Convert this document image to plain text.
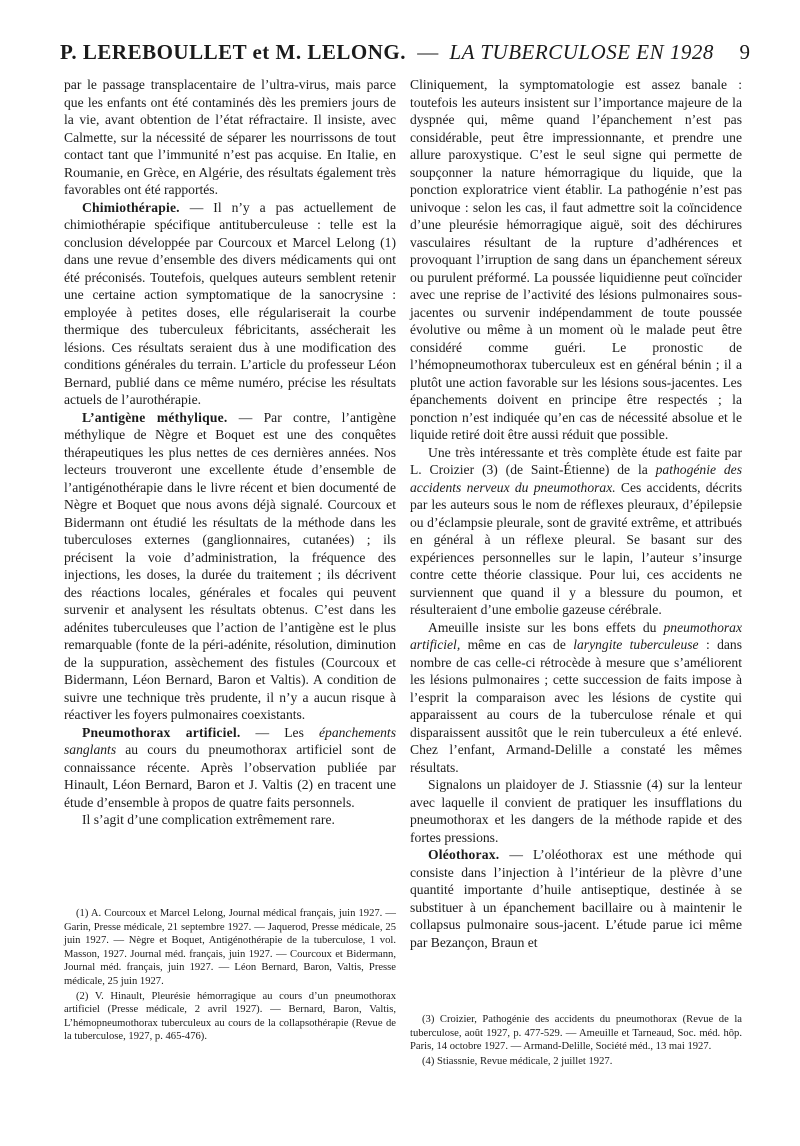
P. LEREBOULLET et M. LELONG. — LA TUBERCULOSE EN 1928 9

par le passage transplacentaire de l’ultra-virus, mais parce que les enfants ont été contaminés dès les premiers jours de la vie, avant obtention de l’état réfractaire. Il insiste, avec Calmette, sur la nécessité de séparer les nourrissons de tout contact tant que l’immunité n’est pas acquise. En Italie, en Roumanie, en Grèce, en Algérie, des résultats également très favorables ont été rapportés.

Chimiothérapie. — Il n’y a pas actuellement de chimiothérapie spécifique antituberculeuse : telle est la conclusion développée par Courcoux et Marcel Lelong (1) dans une revue d’ensemble des divers médicaments qui ont été préconisés. Toutefois, quelques auteurs semblent retenir une certaine action symptomatique de la sanocrysine : employée à petites doses, elle régulariserait la courbe thermique des tuberculeux fébricitants, assécherait les lésions. Ces résultats seraient dus à une modification des conditions générales du terrain. L’article du professeur Léon Bernard, publié dans ce même numéro, précise les résultats actuels de l’aurothérapie.

L’antigène méthylique. — Par contre, l’antigène méthylique de Nègre et Boquet est une des conquêtes thérapeutiques les plus nettes de ces dernières années. Nos lecteurs trouveront une excellente étude d’ensemble de l’antigénothérapie dans le livre récent et bien documenté de Nègre et Boquet que nous avons déjà signalé. Courcoux et Bidermann ont étudié les résultats de la méthode dans les tuberculoses externes (ganglionnaires, cutanées) ; ils précisent la voie d’administration, la fréquence des injections, les doses, la durée du traitement ; ils décrivent des réactions locales, générales et focales qui peuvent survenir et analysent les résultats obtenus. C’est dans les adénites tuberculeuses que l’action de l’antigène est le plus remarquable (fonte de la péri-adénite, résolution, diminution de la suppuration, assèchement des fistules (Courcoux et Bidermann, Léon Bernard, Baron et Valtis). A condition de suivre une technique très prudente, il n’y a aucun risque à réactiver les foyers pulmonaires coexistants.

Pneumothorax artificiel. — Les épanchements sanglants au cours du pneumothorax artificiel sont de connaissance récente. Après l’observation publiée par Hinault, Léon Bernard, Baron et J. Valtis (2) en tracent une étude d’ensemble à propos de quatre faits personnels.

Il s’agit d’une complication extrêmement rare.

(1) A. Courcoux et Marcel Lelong, Journal médical français, juin 1927. — Garin, Presse médicale, 21 septembre 1927. — Jaquerod, Presse médicale, 25 juin 1927. — Nègre et Boquet, Antigénothérapie de la tuberculose, 1 vol. Masson, 1927. Journal méd. français, juin 1927. — Courcoux et Bidermann, Journal méd. français, juin 1927. — Léon Bernard, Baron, Valtis, Presse médicale, 25 juin 1927.

(2) V. Hinault, Pleurésie hémorragique au cours d’un pneumothorax artificiel (Presse médicale, 2 avril 1927). — Bernard, Baron, Valtis, L’hémopneumothorax tuberculeux au cours de la collapsothérapie (Revue de la tuberculose, 1927, p. 465-476).

Cliniquement, la symptomatologie est assez banale : toutefois les auteurs insistent sur l’importance majeure de la dyspnée qui, même quand l’épanchement n’est pas considérable, peut être impressionnante, et prendre une allure paroxystique. C’est le seul signe qui permette de soupçonner la nature hémorragique du liquide, que la ponction exploratrice vient établir. La pathogénie n’est pas univoque : selon les cas, il faut admettre soit la coïncidence d’une pleurésie hémorragique aiguë, soit des déchirures vasculaires résultant de la rupture d’adhérences et provoquant l’irruption de sang dans un épanchement séreux ou purulent préformé. La poussée liquidienne peut coïncider avec une reprise de l’activité des lésions pulmonaires sous-jacentes ou survenir indépendamment de toute poussée évolutive ou même à un moment où le malade peut être considéré comme guéri. Le pronostic de l’hémopneumothorax tuberculeux est en général bénin ; il a plutôt une action favorable sur les lésions sous-jacentes. Les épanchements doivent en principe être respectés ; la ponction n’est indiquée qu’en cas de nécessité absolue et le liquide retiré doit être aussi réduit que possible.

Une très intéressante et très complète étude est faite par L. Croizier (3) (de Saint-Étienne) de la pathogénie des accidents nerveux du pneumothorax. Ces accidents, décrits par les auteurs sous le nom de réflexes pleuraux, d’épilepsie ou d’éclampsie pleurale, sont de gravité extrême, et attribués en général à un réflexe pleural. Se basant sur des expériences personnelles sur le lapin, l’auteur s’insurge contre cette théorie classique. Pour lui, ces accidents ne surviennent que quand il y a blessure du poumon, et résulteraient d’une embolie gazeuse cérébrale.

Ameuille insiste sur les bons effets du pneumothorax artificiel, même en cas de laryngite tuberculeuse : dans nombre de cas celle-ci rétrocède à mesure que s’améliorent les lésions pulmonaires ; cette succession de faits impose à l’esprit la comparaison avec les lésions de cystite qui apparaissent au cours de la tuberculose rénale et qui disparaissent aussitôt que le rein tuberculeux a été enlevé. Chez l’enfant, Armand-Delille a constaté les mêmes résultats.

Signalons un plaidoyer de J. Stiassnie (4) sur la lenteur avec laquelle il convient de pratiquer les insufflations du pneumothorax et les dangers de la méthode rapide et des fortes pressions.

Oléothorax. — L’oléothorax est une méthode qui consiste dans l’injection à l’intérieur de la plèvre d’une quantité importante d’huile antiseptique, destinée à se substituer à un épanchement bacillaire ou à maintenir le collapsus pulmonaire sous-jacent. L’étude parue ici même par Bezançon, Braun et

(3) Croizier, Pathogénie des accidents du pneumothorax (Revue de la tuberculose, août 1927, p. 477-529. — Ameuille et Tarneaud, Soc. méd. hôp. Paris, 14 octobre 1927. — Armand-Delille, Société méd., 13 mai 1927.

(4) Stiassnie, Revue médicale, 2 juillet 1927.
